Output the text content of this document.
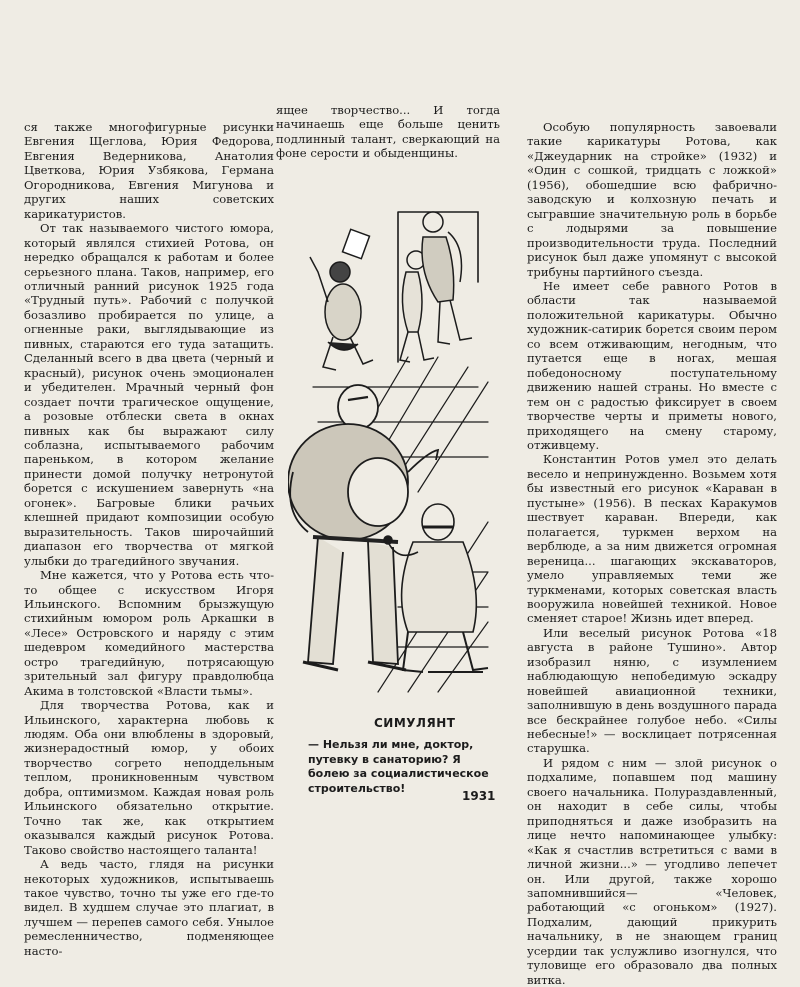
ся также многофигурные рисунки Евгения Щеглова, Юрия Федорова, Евгения Ведерникова, Анатолия Цветкова, Юрия Узбякова, Германа Огородникова, Евгения Мигунова и других наших советских карикатуристов.

От так называемого чистого юмора, который являлся стихией Ротова, он нередко обращался к работам и более серьезного плана. Таков, например, его отличный ранний рисунок 1925 года «Трудный путь». Рабочий с получкой бозазливо пробирается по улице, а огненные раки, выглядывающие из пивных, стараются его туда затащить. Сделанный всего в два цвета (черный и красный), рисунок очень эмоционален и убедителен. Мрачный черный фон создает почти трагическое ощущение, а розовые отблески света в окнах пивных как бы выражают силу соблазна, испытываемого рабочим пареньком, в котором желание принести домой получку нетронутой борется с искушением завернуть «на огонек». Багровые блики рачьих клешней придают композиции особую выразительность. Таков широчайший диапазон его творчества от мягкой улыбки до трагедийного звучания.

Мне кажется, что у Ротова есть что-то общее с искусством Игоря Ильинского. Вспомним брызжущую стихийным юмором роль Аркашки в «Лесе» Островского и наряду с этим шедевром комедийного мастерства остро трагедийную, потрясающую зрительный зал фигуру правдолюбца Акима в толстовской «Власти тьмы».

Для творчества Ротова, как и Ильинского, характерна любовь к людям. Оба они влюблены в здоровый, жизнерадостный юмор, у обоих творчество согрето неподдельным теплом, проникновенным чувством добра, оптимизмом. Каждая новая роль Ильинского обязательно открытие. Точно так же, как открытием оказывался каждый рисунок Ротова. Таково свойство настоящего таланта!

А ведь часто, глядя на рисунки некоторых художников, испытываешь такое чувство, точно ты уже его где-то видел. В худшем случае это плагиат, в лучшем — перепев самого себя. Унылое ремесленничество, подменяющее насто-

ящее творчество... И тогда начинаешь еще больше ценить подлинный талант, сверкающий на фоне серости и обыденщины.

СИМУЛЯНТ
— Нельзя ли мне, доктор, путевку в санаторию? Я болею за социалистическое строительство!
1931

Особую популярность завоевали такие карикатуры Ротова, как «Джеударник на стройке» (1932) и «Один с сошкой, тридцать с ложкой» (1956), обошедшие всю фабрично-заводскую и колхозную печать и сыгравшие значительную роль в борьбе с лодырями за повышение производительности труда. Последний рисунок был даже упомянут с высокой трибуны партийного съезда.

Не имеет себе равного Ротов в области так называемой положительной карикатуры. Обычно художник-сатирик борется своим пером со всем отживающим, негодным, что путается еще в ногах, мешая победоносному поступательному движению нашей страны. Но вместе с тем он с радостью фиксирует в своем творчестве черты и приметы нового, приходящего на смену старому, отживцему.

Константин Ротов умел это делать весело и непринужденно. Возьмем хотя бы известный его рисунок «Караван в пустыне» (1956). В песках Каракумов шествует караван. Впереди, как полагается, туркмен верхом на верблюде, а за ним движется огромная вереница... шагающих экскаваторов, умело управляемых теми же туркменами, которых советская власть вооружила новейшей техникой. Новое сменяет старое! Жизнь идет вперед.

Или веселый рисунок Ротова «18 августа в районе Тушино». Автор изобразил няню, с изумлением наблюдающую непобедимую эскадру новейшей авиационной техники, заполнившую в день воздушного парада все бескрайнее голубое небо. «Силы небесные!» — восклицает потрясенная старушка.

И рядом с ним — злой рисунок о подхалиме, попавшем под машину своего начальника. Полураздавленный, он находит в себе силы, чтобы приподняться и даже изобразить на лице нечто напоминающее улыбку: «Как я счастлив встретиться с вами в личной жизни...» — угодливо лепечет он. Или другой, также хорошо запомнившийся— «Человек, работающий «с огоньком» (1927). Подхалим, дающий прикурить начальнику, в не знающем границ усердии так услужливо изогнулся, что туловище его образовало два полных витка.
